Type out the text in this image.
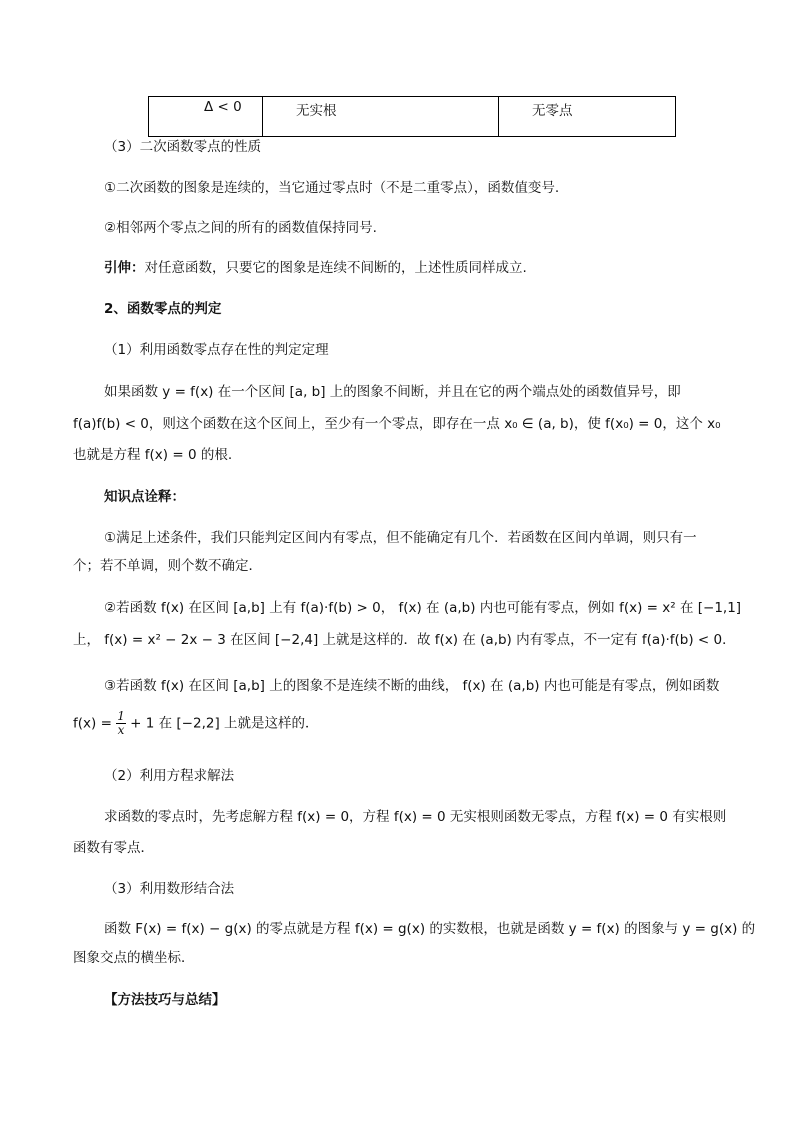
Δ < 0	无实根	无零点
（3）二次函数零点的性质
①二次函数的图象是连续的，当它通过零点时（不是二重零点），函数值变号.
②相邻两个零点之间的所有的函数值保持同号.
引伸：对任意函数，只要它的图象是连续不间断的，上述性质同样成立.
2、函数零点的判定
（1）利用函数零点存在性的判定定理
如果函数 y = f(x) 在一个区间 [a, b] 上的图象不间断，并且在它的两个端点处的函数值异号，即
f(a)f(b) < 0，则这个函数在这个区间上，至少有一个零点，即存在一点 x₀ ∈ (a, b)，使 f(x₀) = 0，这个 x₀
也就是方程 f(x) = 0 的根.
知识点诠释：
①满足上述条件，我们只能判定区间内有零点，但不能确定有几个．若函数在区间内单调，则只有一
个；若不单调，则个数不确定．
②若函数 f(x) 在区间 [a,b] 上有 f(a)·f(b) > 0， f(x) 在 (a,b) 内也可能有零点，例如 f(x) = x² 在 [−1,1]
上， f(x) = x² − 2x − 3 在区间 [−2,4] 上就是这样的．故 f(x) 在 (a,b) 内有零点，不一定有 f(a)·f(b) < 0．
③若函数 f(x) 在区间 [a,b] 上的图象不是连续不断的曲线， f(x) 在 (a,b) 内也可能是有零点，例如函数
$f(x) = \frac{1}{x} + 1$ 在 [−2,2] 上就是这样的．
（2）利用方程求解法
求函数的零点时，先考虑解方程 f(x) = 0，方程 f(x) = 0 无实根则函数无零点，方程 f(x) = 0 有实根则
函数有零点．
（3）利用数形结合法
函数 F(x) = f(x) − g(x) 的零点就是方程 f(x) = g(x) 的实数根，也就是函数 y = f(x) 的图象与 y = g(x) 的
图象交点的横坐标．
【方法技巧与总结】
